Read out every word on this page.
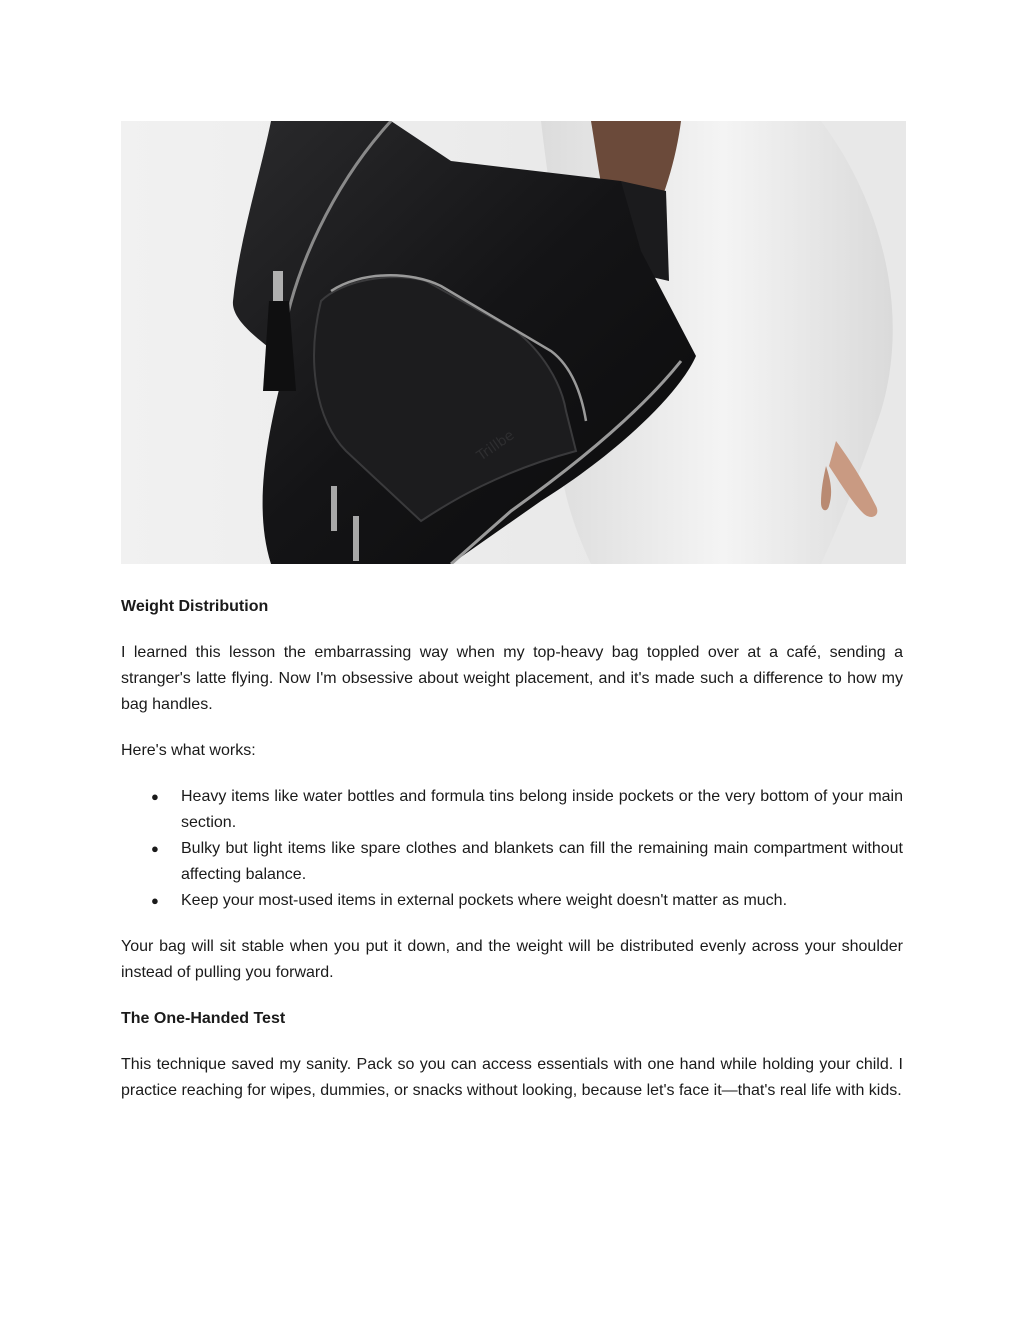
Trillbe
Weight Distribution

I learned this lesson the embarrassing way when my top-heavy bag toppled over at a café, sending a stranger's latte flying. Now I'm obsessive about weight placement, and it's made such a difference to how my bag handles.

Here's what works:

● Heavy items like water bottles and formula tins belong inside pockets or the very bottom of your main section.
● Bulky but light items like spare clothes and blankets can fill the remaining main compartment without affecting balance.
● Keep your most-used items in external pockets where weight doesn't matter as much.

Your bag will sit stable when you put it down, and the weight will be distributed evenly across your shoulder instead of pulling you forward.

The One-Handed Test

This technique saved my sanity. Pack so you can access essentials with one hand while holding your child. I practice reaching for wipes, dummies, or snacks without looking, because let's face it—that's real life with kids.
